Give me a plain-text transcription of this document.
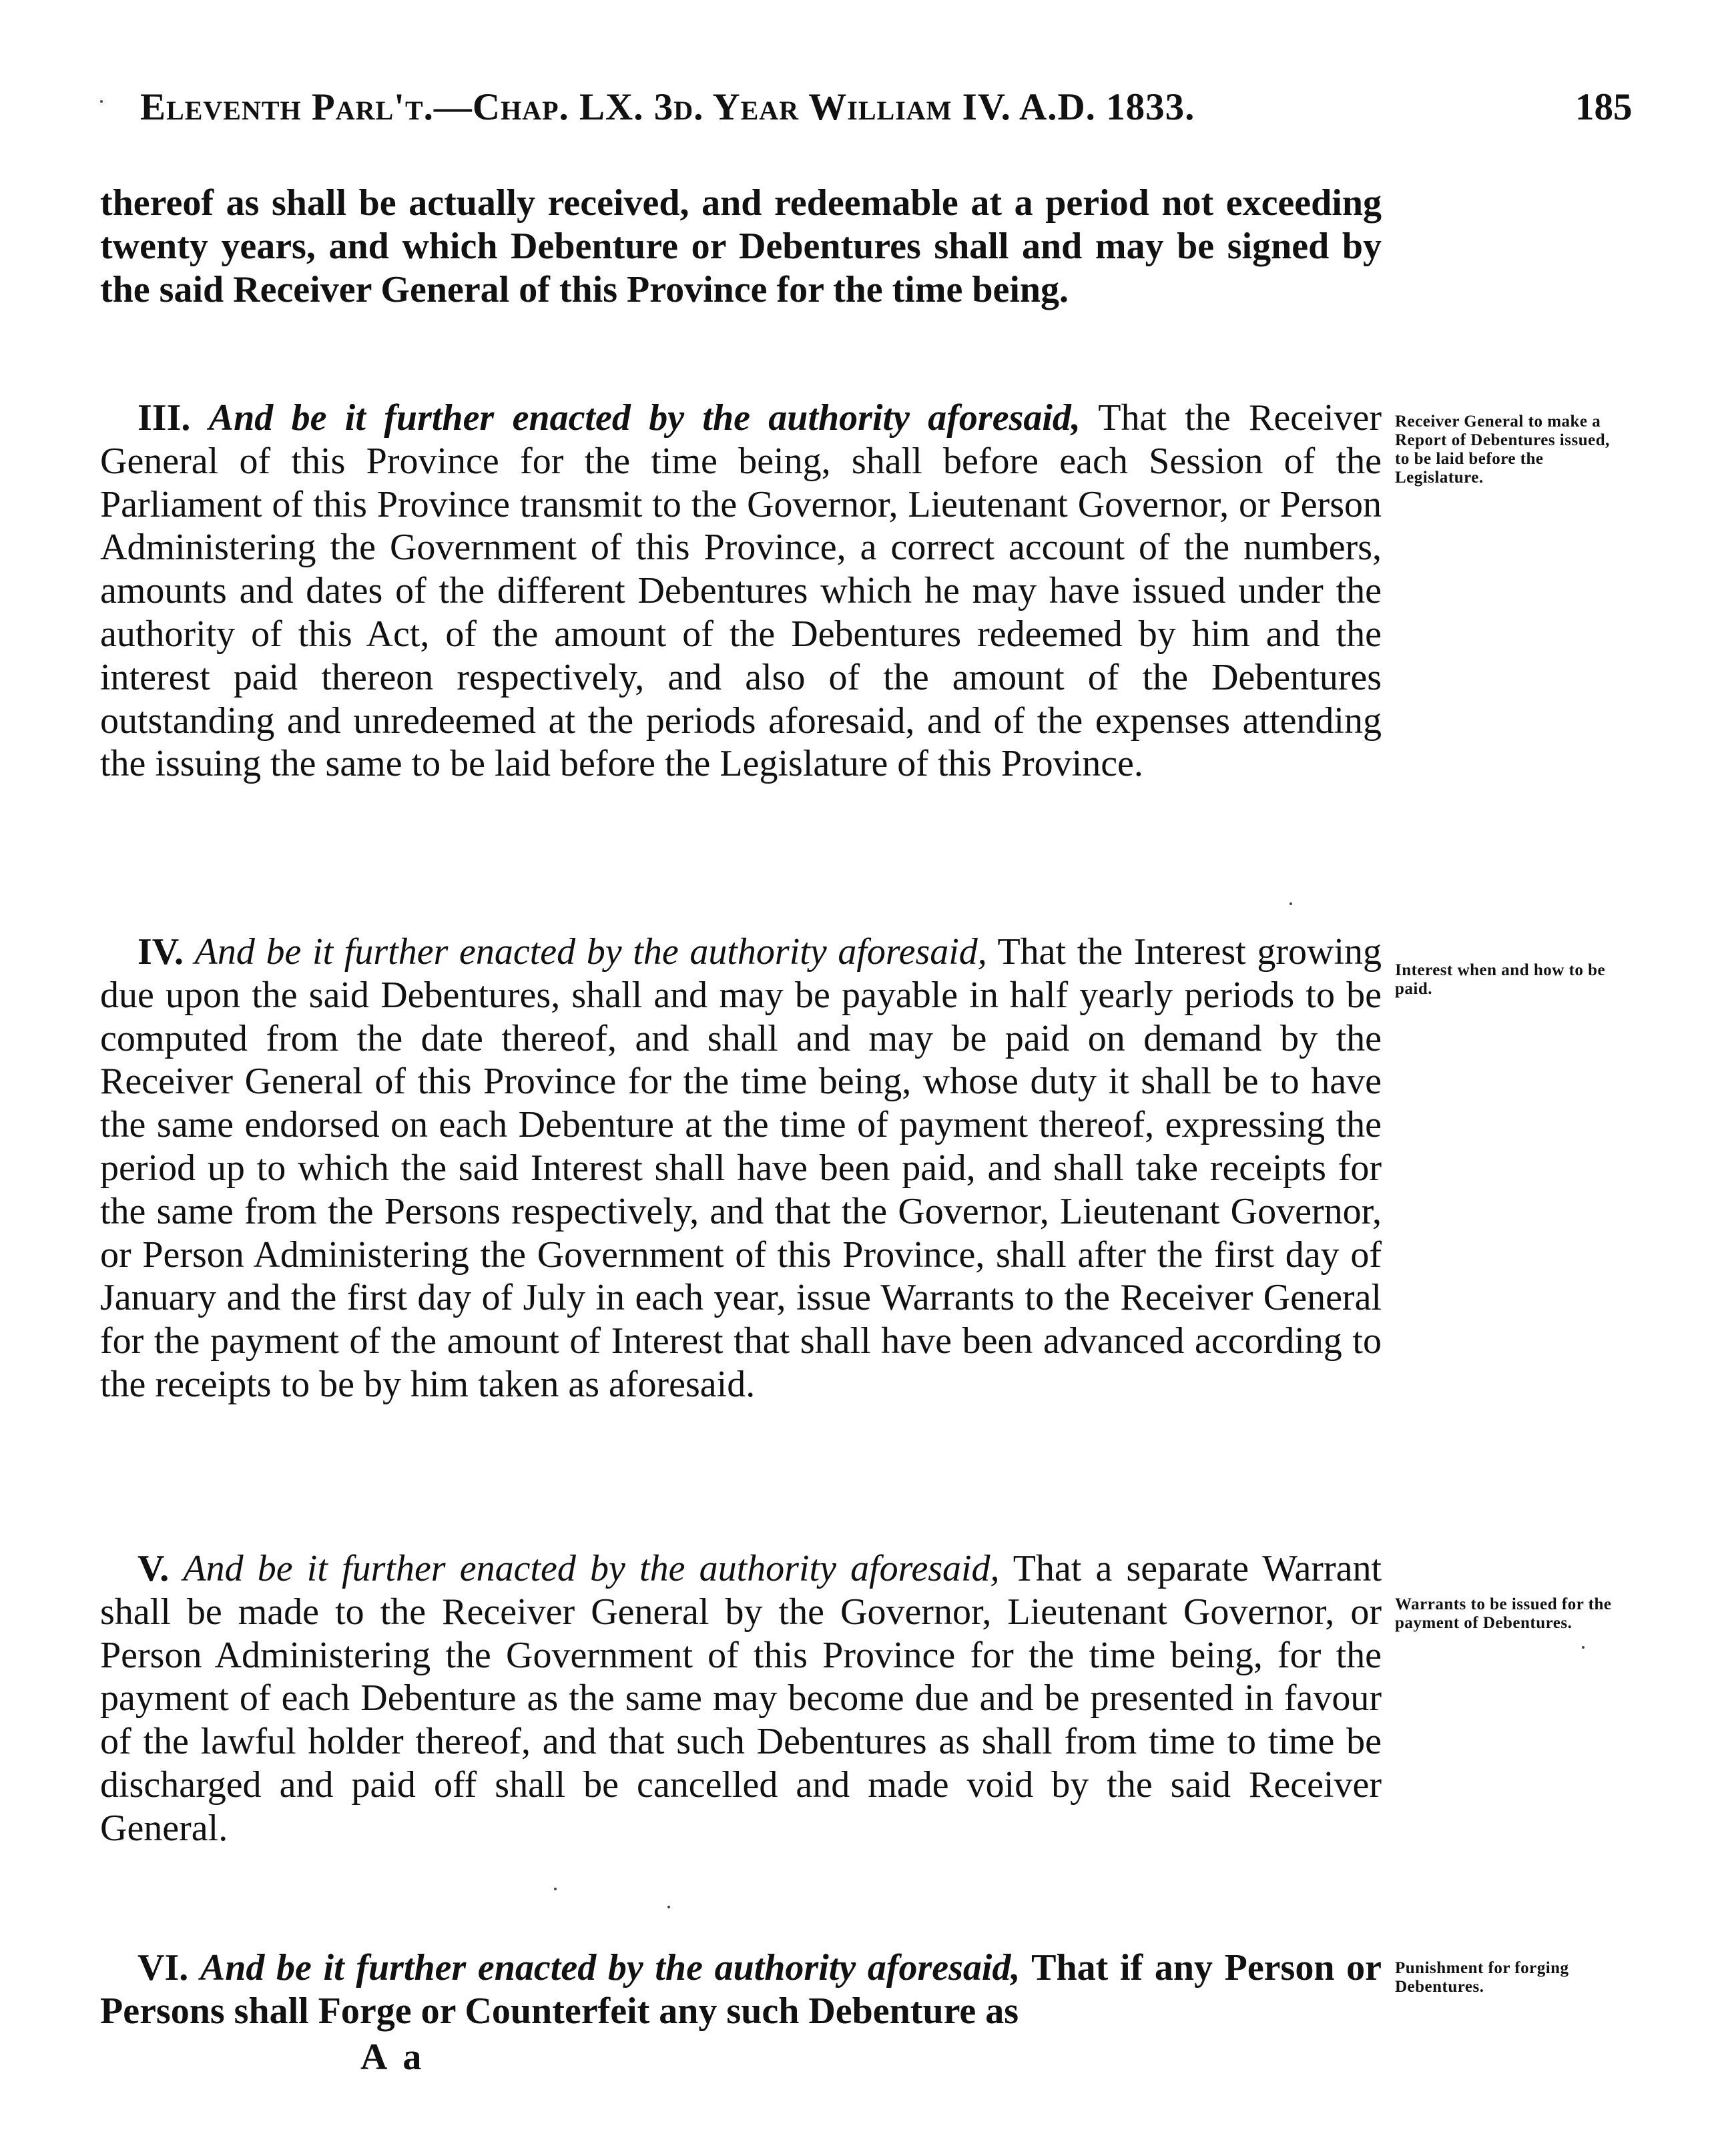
Eleventh Parl't.—Chap. LX. 3d. Year William IV. A.D. 1833.	185

thereof as shall be actually received, and redeemable at a period not exceeding twenty years, and which Debenture or Debentures shall and may be signed by the said Receiver General of this Province for the time being.

 III. And be it further enacted by the authority aforesaid, That the Receiver General of this Province for the time being, shall before each Session of the Parliament of this Province transmit to the Governor, Lieutenant Governor, or Person Administering the Government of this Province, a correct account of the numbers, amounts and dates of the different Debentures which he may have issued under the authority of this Act, of the amount of the Debentures redeemed by him and the interest paid thereon respectively, and also of the amount of the Debentures outstanding and unredeemed at the periods aforesaid, and of the expenses attending the issuing the same to be laid before the Legislature of this Province.

Receiver General to make a Report of Debentures issued, to be laid before the Legislature.

 IV. And be it further enacted by the authority aforesaid, That the Interest growing due upon the said Debentures, shall and may be payable in half yearly periods to be computed from the date thereof, and shall and may be paid on demand by the Receiver General of this Province for the time being, whose duty it shall be to have the same endorsed on each Debenture at the time of payment thereof, expressing the period up to which the said Interest shall have been paid, and shall take receipts for the same from the Persons respectively, and that the Governor, Lieutenant Governor, or Person Administering the Government of this Province, shall after the first day of January and the first day of July in each year, issue Warrants to the Receiver General for the payment of the amount of Interest that shall have been advanced according to the receipts to be by him taken as aforesaid.

Interest when and how to be paid.

 V. And be it further enacted by the authority aforesaid, That a separate Warrant shall be made to the Receiver General by the Governor, Lieutenant Governor, or Person Administering the Government of this Province for the time being, for the payment of each Debenture as the same may become due and be presented in favour of the lawful holder thereof, and that such Debentures as shall from time to time be discharged and paid off shall be cancelled and made void by the said Receiver General.

Warrants to be issued for the payment of Debentures.

 VI. And be it further enacted by the authority aforesaid, That if any Person or Persons shall Forge or Counterfeit any such Debenture as

Punishment for forging Debentures.
A a
